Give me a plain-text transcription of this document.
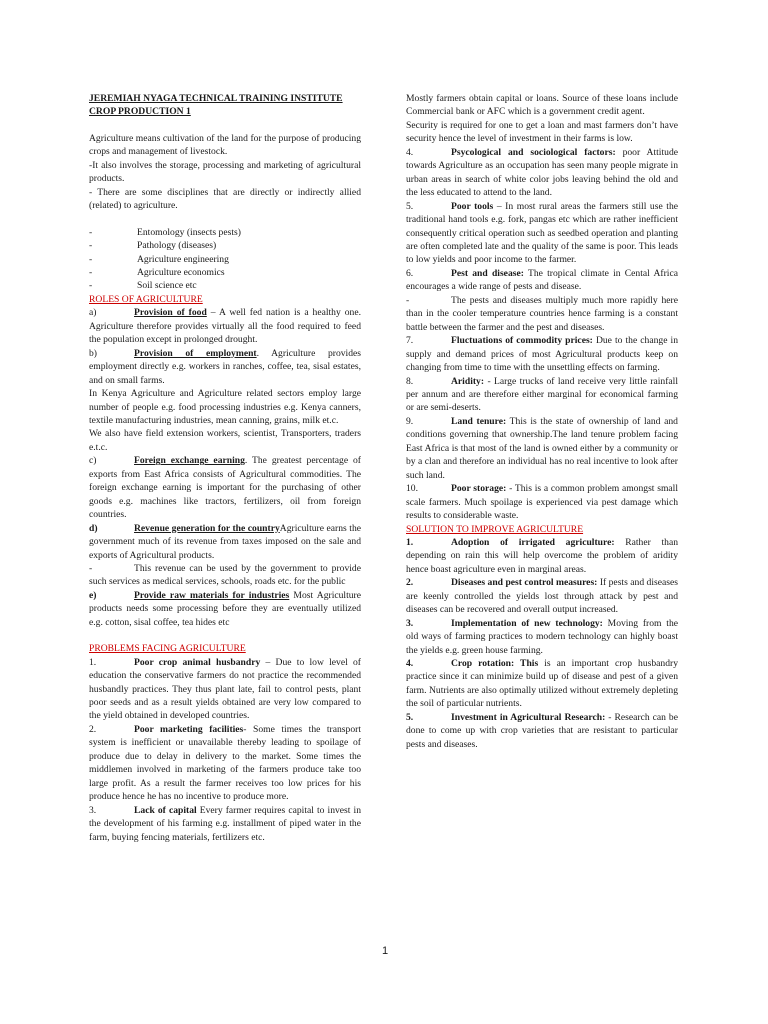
JEREMIAH NYAGA TECHNICAL TRAINING INSTITUTE

CROP PRODUCTION 1

Agriculture means cultivation of the land for the purpose of producing crops and management of livestock.

-It also involves the storage, processing and marketing of agricultural products.

- There are some disciplines that are directly or indirectly allied (related) to agriculture.

-	Entomology (insects pests)
-	Pathology (diseases)
-	Agriculture engineering
-	Agriculture economics
-	Soil science etc

ROLES OF AGRICULTURE

a)	Provision of food – A well fed nation is a healthy one. Agriculture therefore provides virtually all the food required to feed the population except in prolonged drought.

b)	Provision of employment. Agriculture provides employment directly e.g. workers in ranches, coffee, tea, sisal estates, and on small farms.

In Kenya Agriculture and Agriculture related sectors employ large number of people e.g. food processing industries e.g. Kenya canners, textile manufacturing industries, mean canning, grains, milk et.c.

We also have field extension workers, scientist, Transporters, traders e.t.c.

c)	Foreign exchange earning. The greatest percentage of exports from East Africa consists of Agricultural commodities. The foreign exchange earning is important for the purchasing of other goods e.g. machines like tractors, fertilizers, oil from foreign countries.

d)	Revenue generation for the countryAgriculture earns the government much of its revenue from taxes imposed on the sale and exports of Agricultural products.

-	This revenue can be used by the government to provide such services as medical services, schools, roads etc. for the public

e)	Provide raw materials for industries Most Agriculture products needs some processing before they are eventually utilized e.g. cotton, sisal coffee, tea hides etc

PROBLEMS FACING AGRICULTURE

1.	Poor crop animal husbandry – Due to low level of education the conservative farmers do not practice the recommended husbandly practices. They thus plant late, fail to control pests, plant poor seeds and as a result yields obtained are very low compared to the yield obtained in developed countries.

2.	Poor marketing facilities- Some times the transport system is inefficient or unavailable thereby leading to spoilage of produce due to delay in delivery to the market. Some times the middlemen involved in marketing of the farmers produce take too large profit. As a result the farmer receives too low prices for his produce hence he has no incentive to produce more.

3.	Lack of capital Every farmer requires capital to invest in the development of his farming e.g. installment of piped water in the farm, buying fencing materials, fertilizers etc.

Mostly farmers obtain capital or loans. Source of these loans include Commercial bank or AFC which is a government credit agent.

Security is required for one to get a loan and mast farmers don’t have security hence the level of investment in their farms is low.

4.	Psycological and sociological factors: poor Attitude towards Agriculture as an occupation has seen many people migrate in urban areas in search of white color jobs leaving behind the old and the less educated to attend to the land.

5.	Poor tools – In most rural areas the farmers still use the traditional hand tools e.g. fork, pangas etc which are rather inefficient consequently critical operation such as seedbed operation and planting are often completed late and the quality of the same is poor. This leads to low yields and poor income to the farmer.

6.	Pest and disease: The tropical climate in Cental Africa encourages a wide range of pests and disease.

-	The pests and diseases multiply much more rapidly here than in the cooler temperature countries hence farming is a constant battle between the farmer and the pest and diseases.

7.	Fluctuations of commodity prices: Due to the change in supply and demand prices of most Agricultural products keep on changing from time to time with the unsettling effects on farming.

8.	Aridity: - Large trucks of land receive very little rainfall per annum and are therefore either marginal for economical farming or are semi-deserts.

9.	Land tenure: This is the state of ownership of land and conditions governing that ownership.The land tenure problem facing East Africa is that most of the land is owned either by a community or by a clan and therefore an individual has no real incentive to look after such land.

10.	Poor storage: - This is a common problem amongst small scale farmers. Much spoilage is experienced via pest damage which results to considerable waste.

SOLUTION TO IMPROVE AGRICULTURE

1.	Adoption of irrigated agriculture: Rather than depending on rain this will help overcome the problem of aridity hence boast agriculture even in marginal areas.

2.	Diseases and pest control measures: If pests and diseases are keenly controlled the yields lost through attack by pest and diseases can be recovered and overall output increased.

3.	Implementation of new technology: Moving from the old ways of farming practices to modern technology can highly boast the yields e.g. green house farming.

4.	Crop rotation: This is an important crop husbandry practice since it can minimize build up of disease and pest of a given farm. Nutrients are also optimally utilized without extremely depleting the soil of particular nutrients.

5.	Investment in Agricultural Research: - Research can be done to come up with crop varieties that are resistant to particular pests and diseases.

1
